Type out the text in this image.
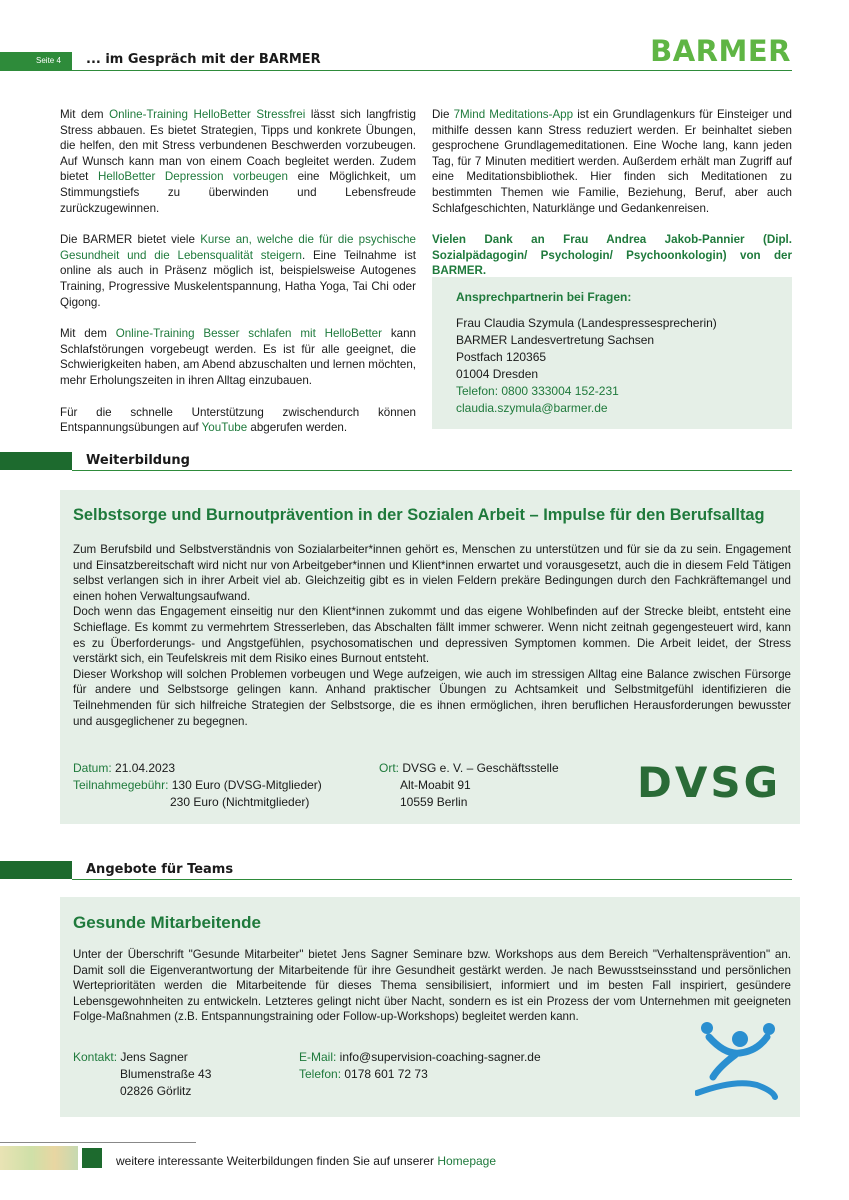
Seite 4	... im Gespräch mit der BARMER	BARMER

Mit dem Online-Training HelloBetter Stressfrei lässt sich langfristig Stress abbauen. Es bietet Strategien, Tipps und konkrete Übungen, die helfen, den mit Stress verbundenen Beschwerden vorzubeugen. Auf Wunsch kann man von einem Coach begleitet werden. Zudem bietet HelloBetter Depression vorbeugen eine Möglichkeit, um Stimmungstiefs zu überwinden und Lebensfreude zurückzugewinnen.

Die BARMER bietet viele Kurse an, welche die für die psychische Gesundheit und die Lebensqualität steigern. Eine Teilnahme ist online als auch in Präsenz möglich ist, beispielsweise Autogenes Training, Progressive Muskelentspannung, Hatha Yoga, Tai Chi oder Qigong.

Mit dem Online-Training Besser schlafen mit HelloBetter kann Schlafstörungen vorgebeugt werden. Es ist für alle geeignet, die Schwierigkeiten haben, am Abend abzuschalten und lernen möchten, mehr Erholungszeiten in ihren Alltag einzubauen.

Für die schnelle Unterstützung zwischendurch können Entspannungsübungen auf YouTube abgerufen werden.

Die 7Mind Meditations-App ist ein Grundlagenkurs für Einsteiger und mithilfe dessen kann Stress reduziert werden. Er beinhaltet sieben gesprochene Grundlagemeditationen. Eine Woche lang, kann jeden Tag, für 7 Minuten meditiert werden. Außerdem erhält man Zugriff auf eine Meditationsbibliothek. Hier finden sich Meditationen zu bestimmten Themen wie Familie, Beziehung, Beruf, aber auch Schlafgeschichten, Naturklänge und Gedankenreisen.

Vielen Dank an Frau Andrea Jakob-Pannier (Dipl. Sozialpädagogin/ Psychologin/ Psychoonkologin) von der BARMER.
Ansprechpartnerin bei Fragen:
Frau Claudia Szymula (Landespressesprecherin)
BARMER Landesvertretung Sachsen
Postfach 120365
01004 Dresden
Telefon: 0800 333004 152-231
claudia.szymula@barmer.de
Weiterbildung
Selbstsorge und Burnoutprävention in der Sozialen Arbeit – Impulse für den Berufsalltag
Zum Berufsbild und Selbstverständnis von Sozialarbeiter*innen gehört es, Menschen zu unterstützen und für sie da zu sein. Engagement und Einsatzbereitschaft wird nicht nur von Arbeitgeber*innen und Klient*innen erwartet und vorausgesetzt, auch die in diesem Feld Tätigen selbst verlangen sich in ihrer Arbeit viel ab. Gleichzeitig gibt es in vielen Feldern prekäre Bedingungen durch den Fachkräftemangel und einen hohen Verwaltungsaufwand.
Doch wenn das Engagement einseitig nur den Klient*innen zukommt und das eigene Wohlbefinden auf der Strecke bleibt, entsteht eine Schieflage. Es kommt zu vermehrtem Stresserleben, das Abschalten fällt immer schwerer. Wenn nicht zeitnah gegengesteuert wird, kann es zu Überforderungs- und Angstgefühlen, psychosomatischen und depressiven Symptomen kommen. Die Arbeit leidet, der Stress verstärkt sich, ein Teufelskreis mit dem Risiko eines Burnout entsteht.
Dieser Workshop will solchen Problemen vorbeugen und Wege aufzeigen, wie auch im stressigen Alltag eine Balance zwischen Fürsorge für andere und Selbstsorge gelingen kann. Anhand praktischer Übungen zu Achtsamkeit und Selbstmitgefühl identifizieren die Teilnehmenden für sich hilfreiche Strategien der Selbstsorge, die es ihnen ermöglichen, ihren beruflichen Herausforderungen bewusster und ausgeglichener zu begegnen.
Datum: 21.04.2023
Teilnahmegebühr: 130 Euro (DVSG-Mitglieder)
230 Euro (Nichtmitglieder)
Ort: DVSG e. V. – Geschäftsstelle
Alt-Moabit 91
10559 Berlin	DVSG
Angebote für Teams
Gesunde Mitarbeitende
Unter der Überschrift "Gesunde Mitarbeiter" bietet Jens Sagner Seminare bzw. Workshops aus dem Bereich "Verhaltensprävention" an. Damit soll die Eigenverantwortung der Mitarbeitende für ihre Gesundheit gestärkt werden. Je nach Bewusstseinsstand und persönlichen Werteprioritäten werden die Mitarbeitende für dieses Thema sensibilisiert, informiert und im besten Fall inspiriert, gesündere Lebensgewohnheiten zu entwickeln. Letzteres gelingt nicht über Nacht, sondern es ist ein Prozess der vom Unternehmen mit geeigneten Folge-Maßnahmen (z.B. Entspannungstraining oder Follow-up-Workshops) begleitet werden kann.
Kontakt: Jens Sagner
Blumenstraße 43
02826 Görlitz
E-Mail: info@supervision-coaching-sagner.de
Telefon: 0178 601 72 73
weitere interessante Weiterbildungen finden Sie auf unserer Homepage
